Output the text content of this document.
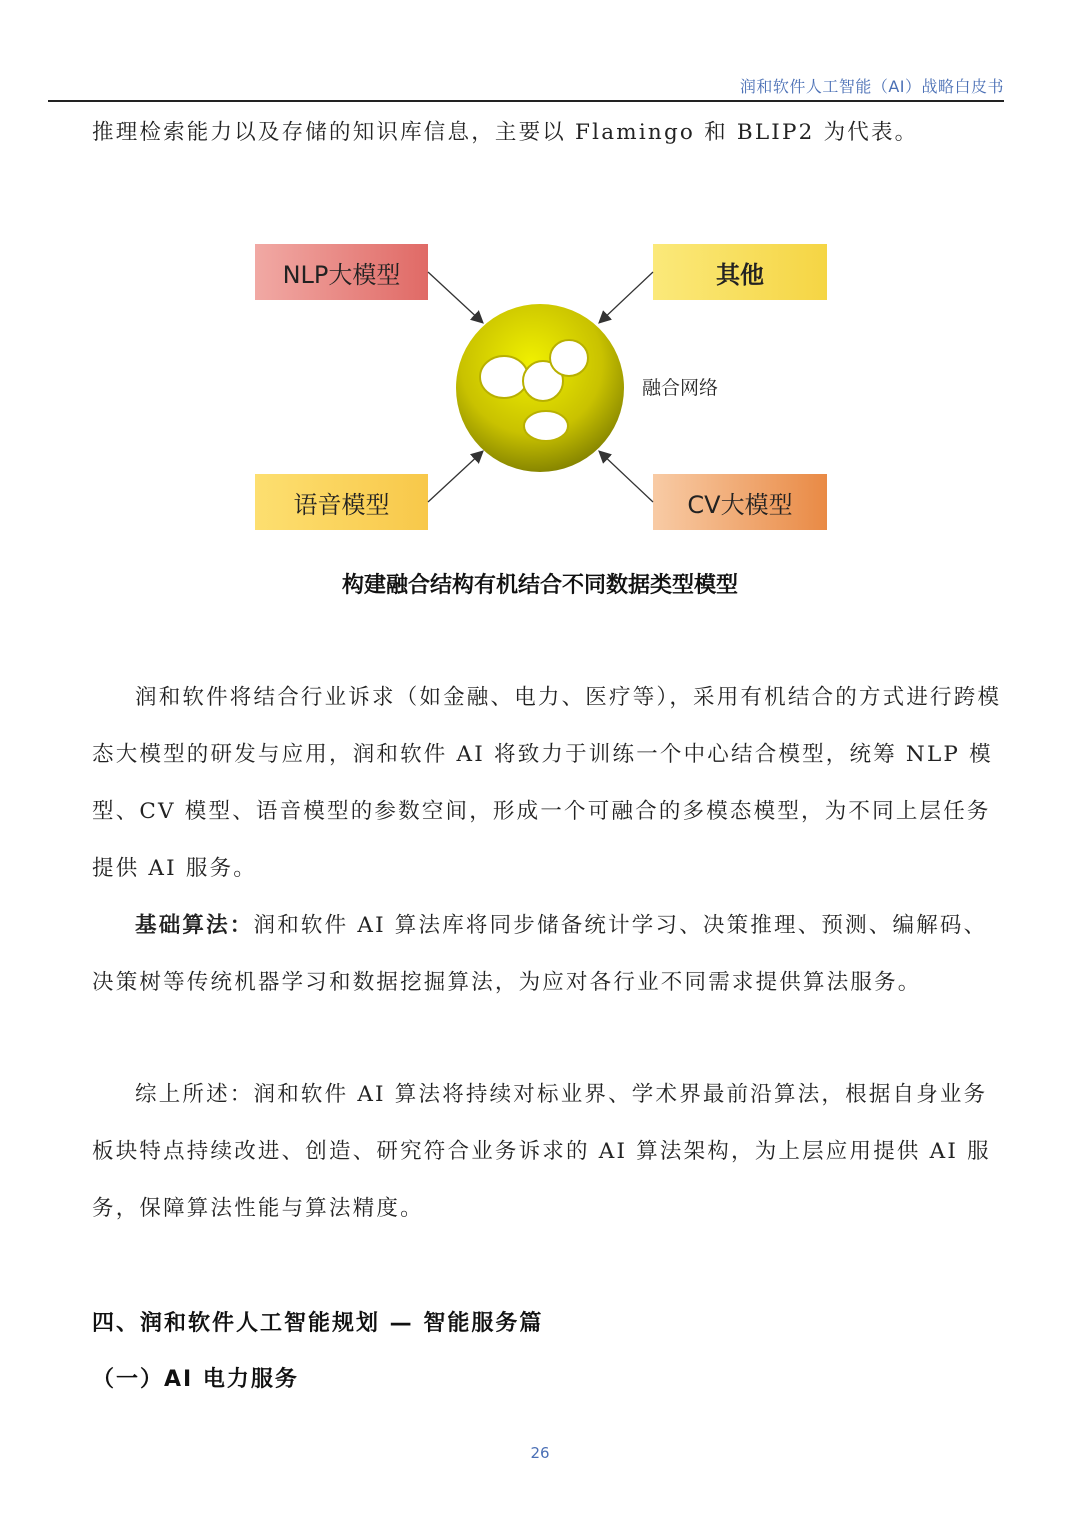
润和软件人工智能（AI）战略白皮书

推理检索能力以及存储的知识库信息，主要以 Flamingo 和 BLIP2 为代表。

NLP大模型	其他
语音模型	CV大模型
融合网络
构建融合结构有机结合不同数据类型模型

润和软件将结合行业诉求（如金融、电力、医疗等），采用有机结合的方式进行跨模态大模型的研发与应用，润和软件 AI 将致力于训练一个中心结合模型，统筹 NLP 模型、CV 模型、语音模型的参数空间，形成一个可融合的多模态模型，为不同上层任务提供 AI 服务。

基础算法：润和软件 AI 算法库将同步储备统计学习、决策推理、预测、编解码、决策树等传统机器学习和数据挖掘算法，为应对各行业不同需求提供算法服务。

综上所述：润和软件 AI 算法将持续对标业界、学术界最前沿算法，根据自身业务板块特点持续改进、创造、研究符合业务诉求的 AI 算法架构，为上层应用提供 AI 服务，保障算法性能与算法精度。

四、润和软件人工智能规划 — 智能服务篇
（一）AI 电力服务
26
